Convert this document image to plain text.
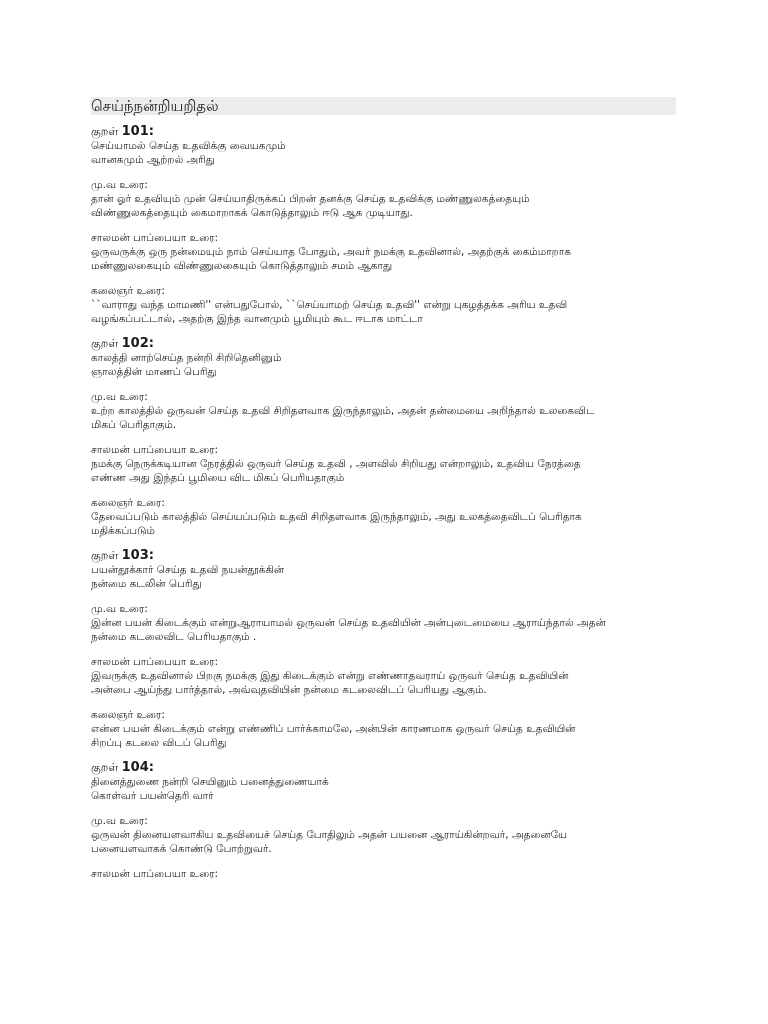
செய்ந்நன்றியறிதல்

குறள் 101:

செய்யாமல் செய்த உதவிக்கு வையகமும்

வானகமும் ஆற்றல் அரிது

மு.வ உரை:

தான் ஓர் உதவியும் முன் செய்யாதிருக்கப் பிறன் தனக்கு செய்த உதவிக்கு மண்ணுலகத்தையும்

விண்ணுலகத்தையும் கைமாறாகக் கொடுத்தாலும் ஈடு ஆக முடியாது.

சாலமன் பாப்பையா உரை:

ஒருவருக்கு ஒரு நன்மையும் நாம் செய்யாத போதும், அவர் நமக்கு உதவினால், அதற்குக் கைம்மாறாக

மண்ணுலகையும் விண்ணுலகையும் கொடுத்தாலும் சமம் ஆகாது

கலைஞர் உரை:

``வாராது வந்த மாமணி'' என்பதுபோல், ``செய்யாமற் செய்த உதவி'' என்று புகழத்தக்க அரிய உதவி

வழங்கப்பட்டால், அதற்கு இந்த வானமும் பூமியும் கூட ஈடாக மாட்டா

குறள் 102:

காலத்தி னாற்செய்த நன்றி சிறிதெனினும்

ஞாலத்தின் மாணப் பெரிது

மு.வ உரை:

உற்ற காலத்தில் ஒருவன் செய்த உதவி சிறிதளவாக இருந்தாலும், அதன் தன்மையை அறிந்தால் உலகைவிட

மிகப் பெரிதாகும்.

சாலமன் பாப்பையா உரை:

நமக்கு நெருக்கடியான நேரத்தில் ஒருவர் செய்த உதவி , அளவில் சிறியது என்றாலும், உதவிய நேரத்தை

எண்ண அது இந்தப் பூமியை விட மிகப் பெரியதாகும்

கலைஞர் உரை:

தேவைப்படும் காலத்தில் செய்யப்படும் உதவி சிறிதளவாக இருந்தாலும், அது உலகத்தைவிடப் பெரிதாக

மதிக்கப்படும்

குறள் 103:

பயன்தூக்கார் செய்த உதவி நயன்தூக்கின்

நன்மை கடலின் பெரிது

மு.வ உரை:

இன்ன பயன் கிடைக்கும் என்றுஆராயாமல் ஒருவன் செய்த உதவியின் அன்புடைமையை ஆராய்ந்தால் அதன்

நன்மை கடலைவிட பெரியதாகும் .

சாலமன் பாப்பையா உரை:

இவருக்கு உதவினால் பிறகு நமக்கு இது கிடைக்கும் என்று எண்ணாதவராய் ஒருவர் செய்த உதவியின்

அன்பை ஆய்ந்து பார்த்தால், அவ்வுதவியின் நன்மை கடலைவிடப் பெரியது ஆகும்.

கலைஞர் உரை:

என்ன பயன் கிடைக்கும் என்று எண்ணிப் பார்க்காமலே, அன்பின் காரணமாக ஒருவர் செய்த உதவியின்

சிறப்பு கடலை விடப் பெரிது

குறள் 104:

தினைத்துணை நன்றி செயினும் பனைத்துணையாக்

கொள்வர் பயன்தெரி வார்

மு.வ உரை:

ஒருவன் தினையளவாகிய உதவியைச் செய்த போதிலும் அதன் பயனை ஆராய்கின்றவர், அதனையே

பனையளவாகக் கொண்டு போற்றுவர்.

சாலமன் பாப்பையா உரை:
